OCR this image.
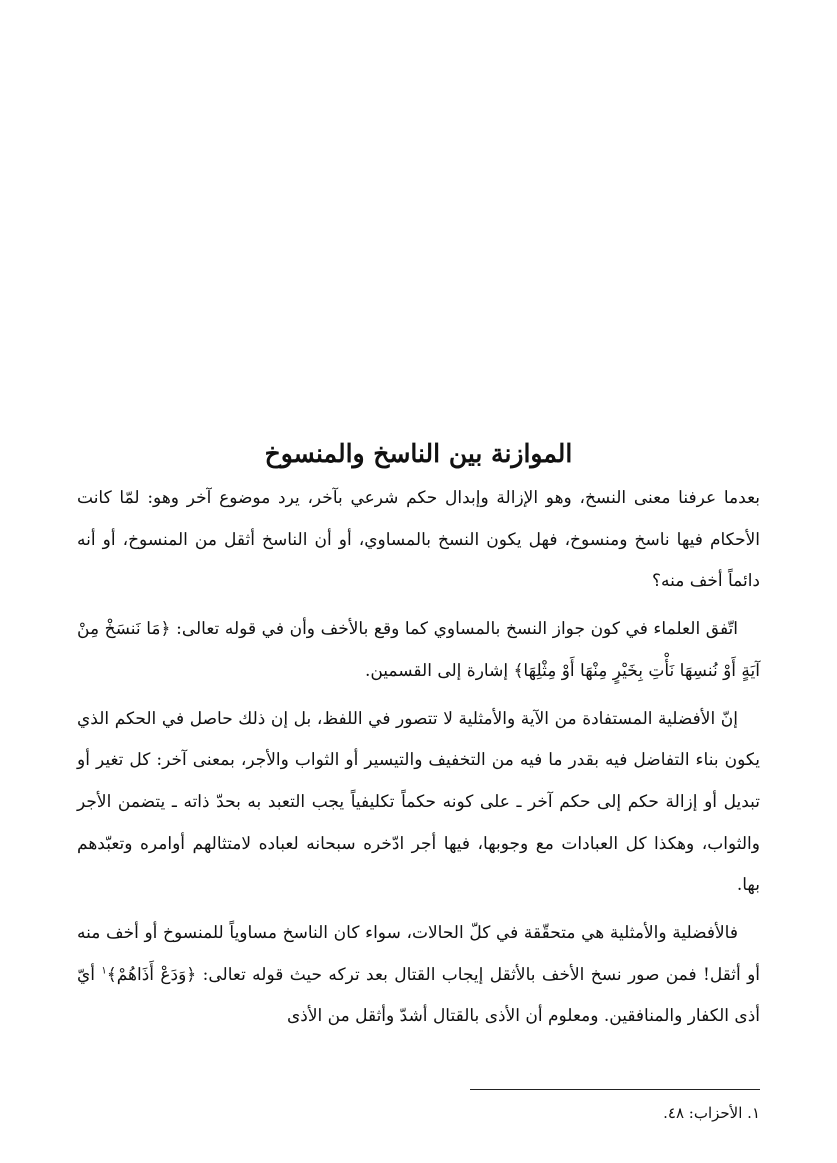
الموازنة بين الناسخ والمنسوخ

بعدما عرفنا معنى النسخ، وهو الإزالة وإبدال حكم شرعي بآخر، يرد موضوع آخر وهو: لمّا كانت الأحكام فيها ناسخ ومنسوخ، فهل يكون النسخ بالمساوي، أو أن الناسخ أثقل من المنسوخ، أو أنه دائماً أخف منه؟

اتّفق العلماء في كون جواز النسخ بالمساوي كما وقع بالأخف وأن في قوله تعالى: ﴿مَا نَنسَخْ مِنْ آيَةٍ أَوْ نُنسِهَا نَأْتِ بِخَيْرٍ مِنْهَا أَوْ مِثْلِهَا﴾ إشارة إلى القسمين.

إنّ الأفضلية المستفادة من الآية والأمثلية لا تتصور في اللفظ، بل إن ذلك حاصل في الحكم الذي يكون بناء التفاضل فيه بقدر ما فيه من التخفيف والتيسير أو الثواب والأجر، بمعنى آخر: كل تغير أو تبديل أو إزالة حكم إلى حكم آخر ـ على كونه حكماً تكليفياً يجب التعبد به بحدّ ذاته ـ يتضمن الأجر والثواب، وهكذا كل العبادات مع وجوبها، فيها أجر ادّخره سبحانه لعباده لامتثالهم أوامره وتعبّدهم بها.

فالأفضلية والأمثلية هي متحقّقة في كلّ الحالات، سواء كان الناسخ مساوياً للمنسوخ أو أخف منه أو أثقل! فمن صور نسخ الأخف بالأثقل إيجاب القتال بعد تركه حيث قوله تعالى: ﴿وَدَعْ أَذَاهُمْ﴾$^١$ أيّ أذى الكفار والمنافقين. ومعلوم أن الأذى بالقتال أشدّ وأثقل من الأذى

١. الأحزاب: ٤٨.
